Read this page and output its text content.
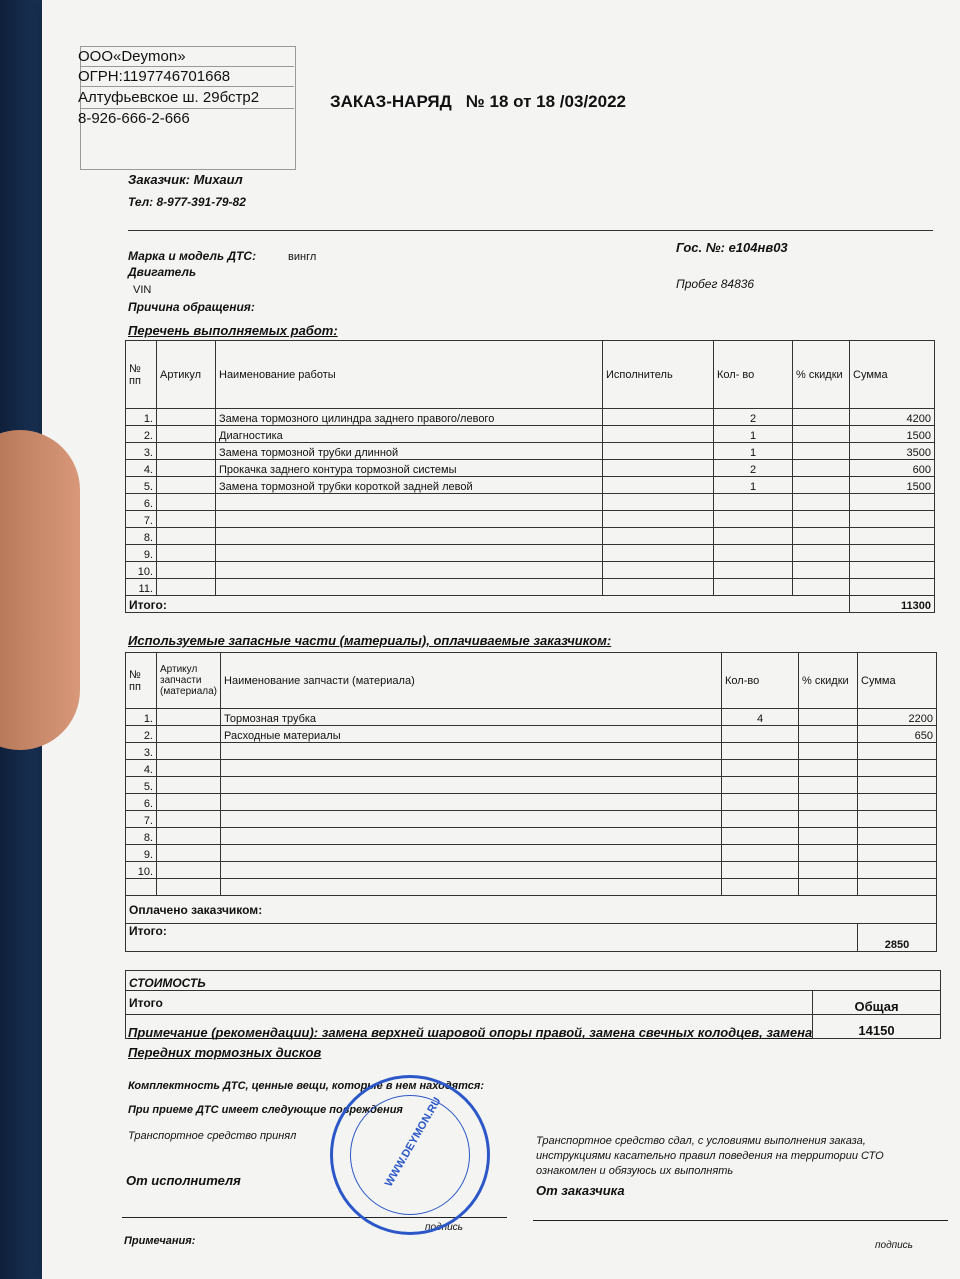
ООО«Deymon»
ОГРН:1197746701668
Алтуфьевское ш. 29бстр2
8-926-666-2-666
ЗАКАЗ-НАРЯД   № 18 от 18 /03/2022
Заказчик: Михаил
Тел: 8-977-391-79-82
Марка и модель ДТС:	вингл
Двигатель
VIN
Причина обращения:
Гос. №: е104нв03
Пробег 84836
Перечень выполняемых работ:
№ пп	Артикул	Наименование работы	Исполнитель	Кол- во	% скидки	Сумма
1.		Замена тормозного цилиндра заднего правого/левого		2		4200
2.		Диагностика		1		1500
3.		Замена тормозной трубки длинной		1		3500
4.		Прокачка заднего контура тормозной системы		2		600
5.		Замена тормозной трубки короткой задней левой		1		1500
6.						
7.						
8.						
9.						
10.						
11.						
Итого:						11300
Используемые запасные части (материалы), оплачиваемые заказчиком:
№ пп	Артикул запчасти (материала)	Наименование запчасти (материала)	Кол-во	% скидки	Сумма
1.		Тормозная трубка	4		2200
2.		Расходные материалы			650
3.					
4.					
5.					
6.					
7.					
8.					
9.					
10.					

Оплачено заказчиком:					
Итого:					2850
СТОИМОСТЬ	
Итого	Общая
	14150
Примечание (рекомендации): замена верхней шаровой опоры правой, замена свечных колодцев, замена
Передних тормозных дисков
Комплектность ДТС, ценные вещи, которые в нем находятся:
При приеме ДТС имеет следующие повреждения
Транспортное средство принял
От исполнителя
Транспортное средство сдал, с условиями выполнения заказа, инструкциями касательно правил поведения на территории СТО ознакомлен и обязуюсь их выполнять
От заказчика
подпись
подпись
Примечания:
WWW.DEYMON.RU
